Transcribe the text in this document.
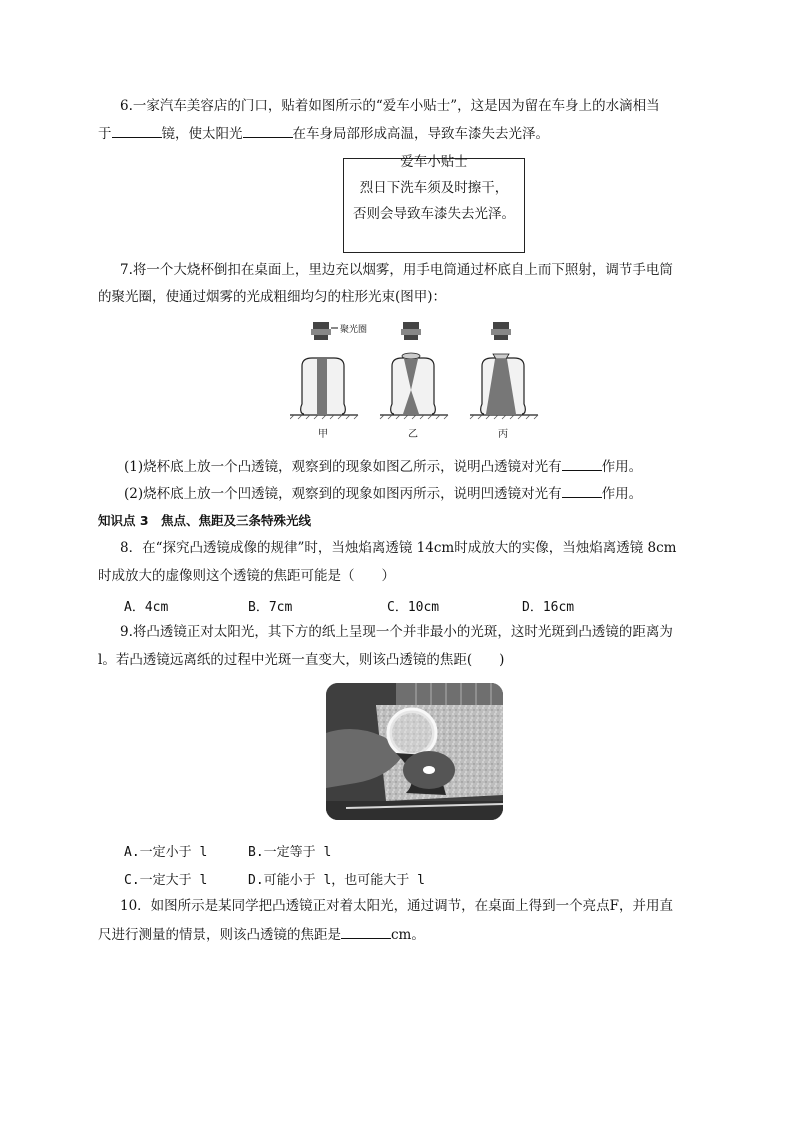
6.一家汽车美容店的门口，贴着如图所示的“爱车小贴士”，这是因为留在车身上的水滴相当
于	镜，使太阳光	在车身局部形成高温，导致车漆失去光泽。
爱车小贴士
烈日下洗车须及时擦干，
否则会导致车漆失去光泽。
7.将一个大烧杯倒扣在桌面上，里边充以烟雾，用手电筒通过杯底自上而下照射，调节手电筒
的聚光圈，使通过烟雾的光成粗细均匀的柱形光束(图甲)：
聚光圈
甲	乙	丙
(1)烧杯底上放一个凸透镜，观察到的现象如图乙所示，说明凸透镜对光有	作用。
(2)烧杯底上放一个凹透镜，观察到的现象如图丙所示，说明凹透镜对光有	作用。
知识点 3　焦点、焦距及三条特殊光线
8．在“探究凸透镜成像的规律”时，当烛焰离透镜 14cm时成放大的实像，当烛焰离透镜 8cm
时成放大的虚像则这个透镜的焦距可能是（　　）
A．4cm	B．7cm	C．10cm	D．16cm
9.将凸透镜正对太阳光，其下方的纸上呈现一个并非最小的光斑，这时光斑到凸透镜的距离为
l。若凸透镜远离纸的过程中光斑一直变大，则该凸透镜的焦距(　　)
A.一定小于 l	B.一定等于 l
C.一定大于 l	D.可能小于 l，也可能大于 l
10．如图所示是某同学把凸透镜正对着太阳光，通过调节，在桌面上得到一个亮点F，并用直
尺进行测量的情景，则该凸透镜的焦距是	cm。
